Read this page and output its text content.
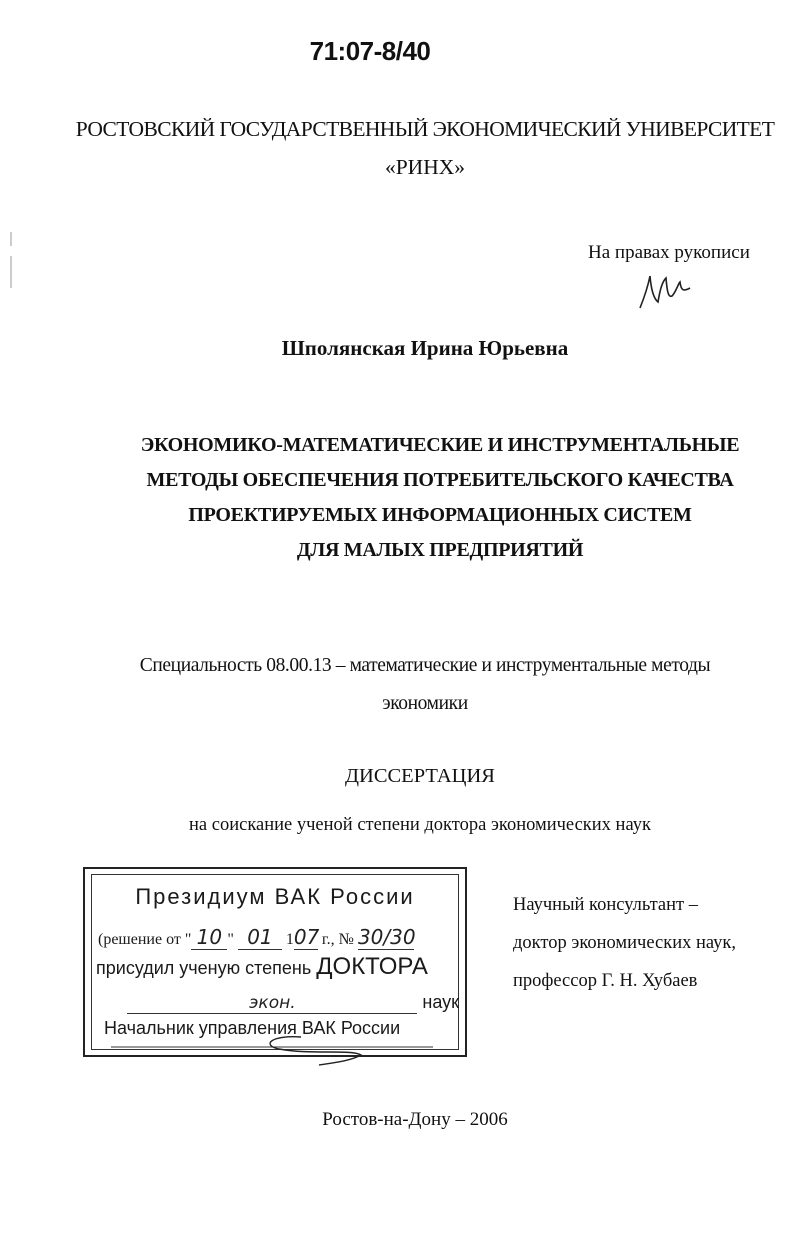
71:07-8/40
РОСТОВСКИЙ ГОСУДАРСТВЕННЫЙ ЭКОНОМИЧЕСКИЙ УНИВЕРСИТЕТ
«РИНХ»
На правах рукописи
Шполянская Ирина Юрьевна
ЭКОНОМИКО-МАТЕМАТИЧЕСКИЕ И ИНСТРУМЕНТАЛЬНЫЕ
МЕТОДЫ ОБЕСПЕЧЕНИЯ ПОТРЕБИТЕЛЬСКОГО КАЧЕСТВА
ПРОЕКТИРУЕМЫХ ИНФОРМАЦИОННЫХ СИСТЕМ
ДЛЯ МАЛЫХ ПРЕДПРИЯТИЙ
Специальность 08.00.13 – математические и инструментальные методы
экономики
ДИССЕРТАЦИЯ
на соискание ученой степени доктора экономических наук
Президиум ВАК России
(решение от " 10 " 01 107 г., № 30/30
присудил ученую степень ДОКТОРА
экон.	наук
Начальник управления ВАК России
Научный консультант –
доктор экономических наук,
профессор Г. Н. Хубаев
Ростов-на-Дону – 2006
